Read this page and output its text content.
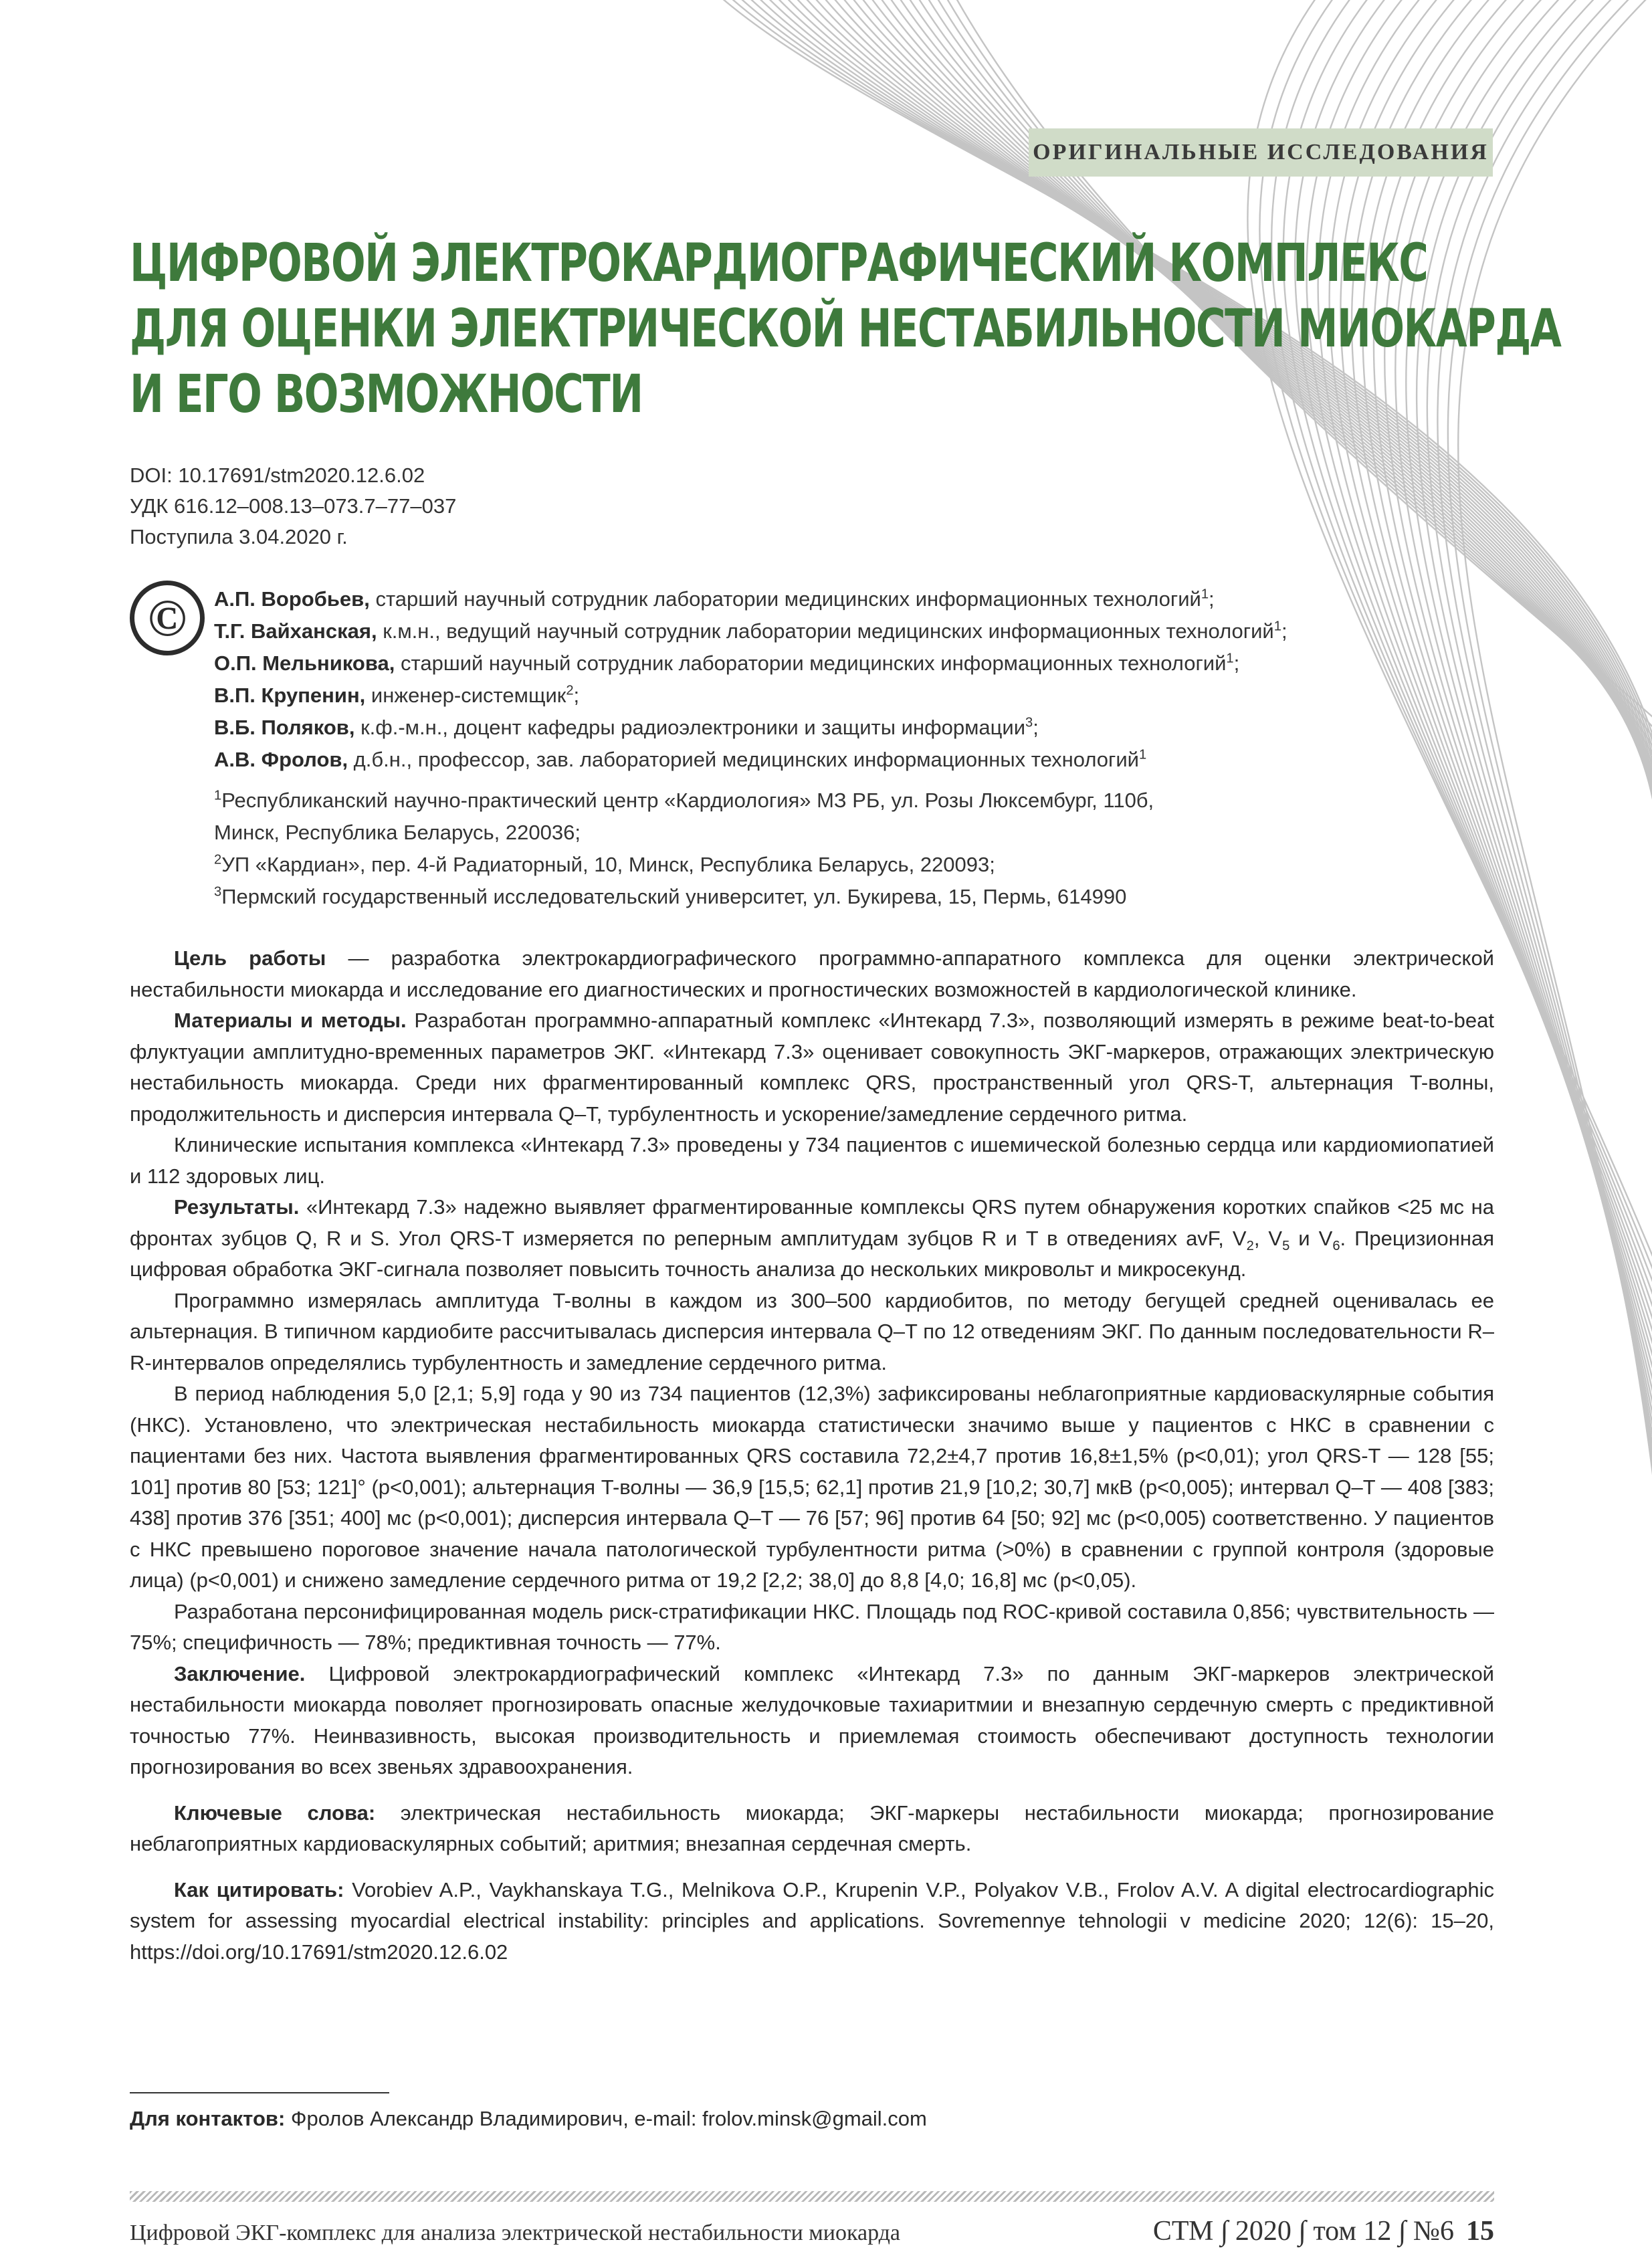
ОРИГИНАЛЬНЫЕ ИССЛЕДОВАНИЯ
ЦИФРОВОЙ ЭЛЕКТРОКАРДИОГРАФИЧЕСКИЙ КОМПЛЕКС
ДЛЯ ОЦЕНКИ ЭЛЕКТРИЧЕСКОЙ НЕСТАБИЛЬНОСТИ МИОКАРДА
И ЕГО ВОЗМОЖНОСТИ
DOI: 10.17691/stm2020.12.6.02
УДК 616.12–008.13–073.7–77–037
Поступила 3.04.2020 г.
©	А.П. Воробьев, старший научный сотрудник лаборатории медицинских информационных технологий$^1$;
Т.Г. Вайханская, к.м.н., ведущий научный сотрудник лаборатории медицинских информационных технологий$^1$;
О.П. Мельникова, старший научный сотрудник лаборатории медицинских информационных технологий$^1$;
В.П. Крупенин, инженер-системщик$^2$;
В.Б. Поляков, к.ф.-м.н., доцент кафедры радиоэлектроники и защиты информации$^3$;
А.В. Фролов, д.б.н., профессор, зав. лабораторией медицинских информационных технологий$^1$
$^1$Республиканский научно-практический центр «Кардиология» МЗ РБ, ул. Розы Люксембург, 110б,
Минск, Республика Беларусь, 220036;
$^2$УП «Кардиан», пер. 4-й Радиаторный, 10, Минск, Республика Беларусь, 220093;
$^3$Пермский государственный исследовательский университет, ул. Букирева, 15, Пермь, 614990

Цель работы — разработка электрокардиографического программно-аппаратного комплекса для оценки электрической нестабильности миокарда и исследование его диагностических и прогностических возможностей в кардиологической клинике.

Материалы и методы. Разработан программно-аппаратный комплекс «Интекард 7.3», позволяющий измерять в режиме beat-to-beat флуктуации амплитудно-временных параметров ЭКГ. «Интекард 7.3» оценивает совокупность ЭКГ-маркеров, отражающих электрическую нестабильность миокарда. Среди них фрагментированный комплекс QRS, пространственный угол QRS-T, альтернация T-волны, продолжительность и дисперсия интервала Q–T, турбулентность и ускорение/замедление сердечного ритма.

Клинические испытания комплекса «Интекард 7.3» проведены у 734 пациентов с ишемической болезнью сердца или кардиомиопатией и 112 здоровых лиц.

Результаты. «Интекард 7.3» надежно выявляет фрагментированные комплексы QRS путем обнаружения коротких спайков <25 мс на фронтах зубцов Q, R и S. Угол QRS-T измеряется по реперным амплитудам зубцов R и T в отведениях avF, $V_2$, $V_5$ и $V_6$. Прецизионная цифровая обработка ЭКГ-сигнала позволяет повысить точность анализа до нескольких микровольт и микросекунд.

Программно измерялась амплитуда T-волны в каждом из 300–500 кардиобитов, по методу бегущей средней оценивалась ее альтернация. В типичном кардиобите рассчитывалась дисперсия интервала Q–T по 12 отведениям ЭКГ. По данным последовательности R–R-интервалов определялись турбулентность и замедление сердечного ритма.

В период наблюдения 5,0 [2,1; 5,9] года у 90 из 734 пациентов (12,3%) зафиксированы неблагоприятные кардиоваскулярные события (НКС). Установлено, что электрическая нестабильность миокарда статистически значимо выше у пациентов с НКС в сравнении с пациентами без них. Частота выявления фрагментированных QRS составила 72,2±4,7 против 16,8±1,5% (p<0,01); угол QRS-T — 128 [55; 101] против 80 [53; 121]° (p<0,001); альтернация T-волны — 36,9 [15,5; 62,1] против 21,9 [10,2; 30,7] мкВ (p<0,005); интервал Q–T — 408 [383; 438] против 376 [351; 400] мс (p<0,001); дисперсия интервала Q–T — 76 [57; 96] против 64 [50; 92] мс (p<0,005) соответственно. У пациентов с НКС превышено пороговое значение начала патологической турбулентности ритма (>0%) в сравнении с группой контроля (здоровые лица) (p<0,001) и снижено замедление сердечного ритма от 19,2 [2,2; 38,0] до 8,8 [4,0; 16,8] мс (p<0,05).

Разработана персонифицированная модель риск-стратификации НКС. Площадь под ROC-кривой составила 0,856; чувствительность — 75%; специфичность — 78%; предиктивная точность — 77%.

Заключение. Цифровой электрокардиографический комплекс «Интекард 7.3» по данным ЭКГ-маркеров электрической нестабильности миокарда поволяет прогнозировать опасные желудочковые тахиаритмии и внезапную сердечную смерть с предиктивной точностью 77%. Неинвазивность, высокая производительность и приемлемая стоимость обеспечивают доступность технологии прогнозирования во всех звеньях здравоохранения.

Ключевые слова: электрическая нестабильность миокарда; ЭКГ-маркеры нестабильности миокарда; прогнозирование неблагоприятных кардиоваскулярных событий; аритмия; внезапная сердечная смерть.

Как цитировать: Vorobiev A.P., Vaykhanskaya T.G., Melnikova O.P., Krupenin V.P., Polyakov V.B., Frolov A.V. A digital electrocardiographic system for assessing myocardial electrical instability: principles and applications. Sovremennye tehnologii v medicine 2020; 12(6): 15–20, https://doi.org/10.17691/stm2020.12.6.02

Для контактов: Фролов Александр Владимирович, e-mail: frolov.minsk@gmail.com
Цифровой ЭКГ-комплекс для анализа электрической нестабильности миокарда	СТМ ∫ 2020 ∫ том 12 ∫ №6 15
